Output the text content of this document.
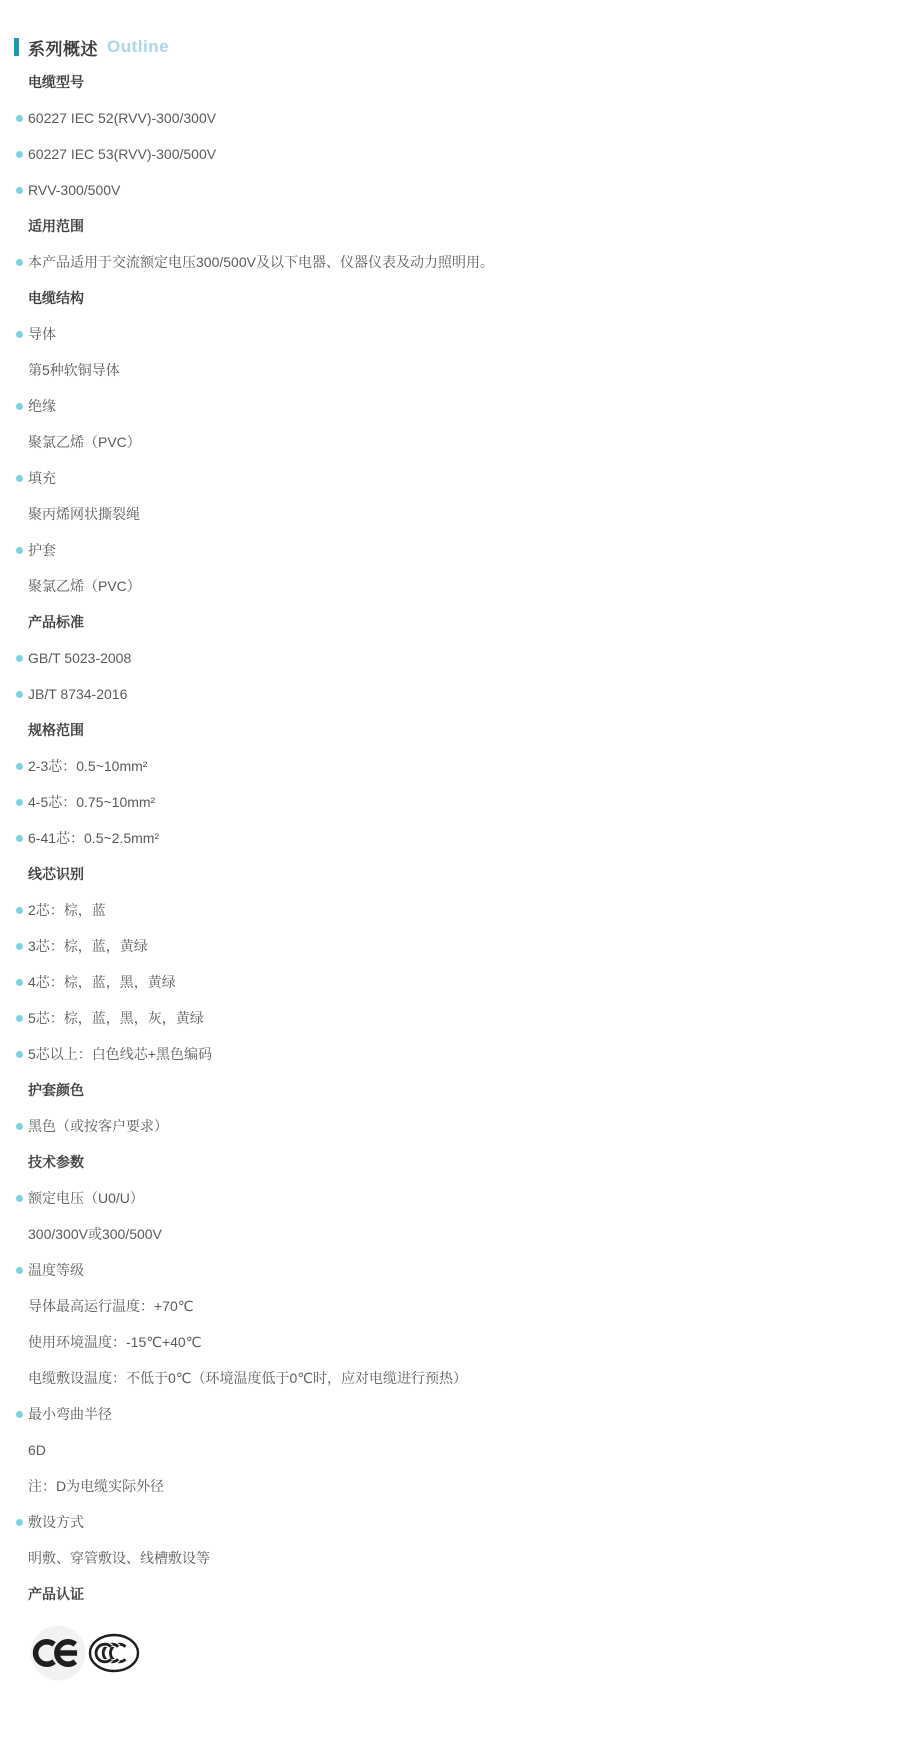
系列概述 Outline
电缆型号
60227 IEC 52(RVV)-300/300V
60227 IEC 53(RVV)-300/500V
RVV-300/500V
适用范围
本产品适用于交流额定电压300/500V及以下电器、仪器仪表及动力照明用。
电缆结构
导体
第5种软铜导体
绝缘
聚氯乙烯（PVC）
填充
聚丙烯网状撕裂绳
护套
聚氯乙烯（PVC）
产品标准
GB/T 5023-2008
JB/T 8734-2016
规格范围
2-3芯：0.5~10mm²
4-5芯：0.75~10mm²
6-41芯：0.5~2.5mm²
线芯识别
2芯：棕，蓝
3芯：棕，蓝，黄绿
4芯：棕，蓝，黑，黄绿
5芯：棕，蓝，黑，灰，黄绿
5芯以上：白色线芯+黑色编码
护套颜色
黑色（或按客户要求）
技术参数
额定电压（U0/U）
300/300V或300/500V
温度等级
导体最高运行温度：+70℃
使用环境温度：-15℃+40℃
电缆敷设温度：不低于0℃（环境温度低于0℃时，应对电缆进行预热）
最小弯曲半径
6D
注：D为电缆实际外径
敷设方式
明敷、穿管敷设、线槽敷设等
产品认证
